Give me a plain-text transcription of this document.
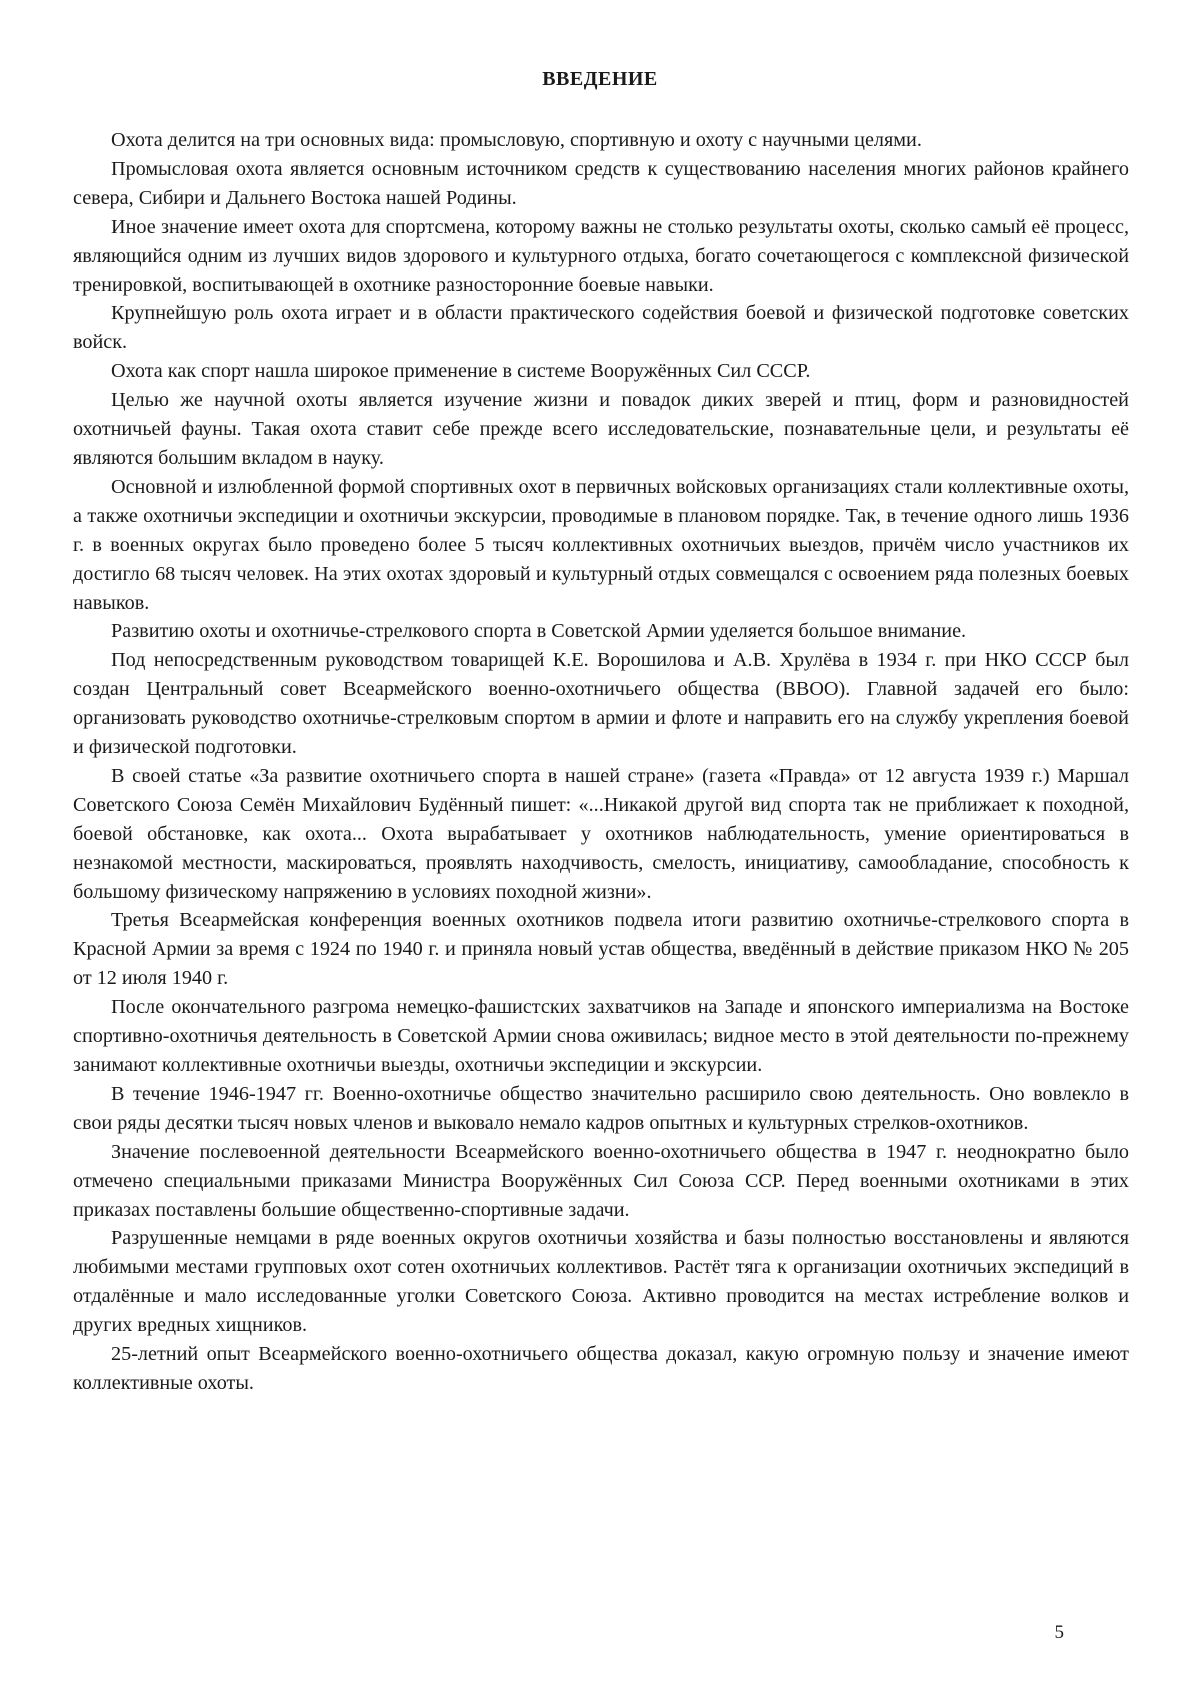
ВВЕДЕНИЕ

Охота делится на три основных вида: промысловую, спортивную и охоту с научными целями.

Промысловая охота является основным источником средств к существованию населения многих районов крайнего севера, Сибири и Дальнего Востока нашей Родины.

Иное значение имеет охота для спортсмена, которому важны не столько результаты охоты, сколько самый её процесс, являющийся одним из лучших видов здорового и культурного отдыха, богато сочетающегося с комплексной физической тренировкой, воспитывающей в охотнике разносторонние боевые навыки.

Крупнейшую роль охота играет и в области практического содействия боевой и физической подготовке советских войск.

Охота как спорт нашла широкое применение в системе Вооружённых Сил СССР.

Целью же научной охоты является изучение жизни и повадок диких зверей и птиц, форм и разновидностей охотничьей фауны. Такая охота ставит себе прежде всего исследовательские, познавательные цели, и результаты её являются большим вкладом в науку.

Основной и излюбленной формой спортивных охот в первичных войсковых организациях стали коллективные охоты, а также охотничьи экспедиции и охотничьи экскурсии, проводимые в плановом порядке. Так, в течение одного лишь 1936 г. в военных округах было проведено более 5 тысяч коллективных охотничьих выездов, причём число участников их достигло 68 тысяч человек. На этих охотах здоровый и культурный отдых совмещался с освоением ряда полезных боевых навыков.

Развитию охоты и охотничье-стрелкового спорта в Советской Армии уделяется большое внимание.

Под непосредственным руководством товарищей К.Е. Ворошилова и А.В. Хрулёва в 1934 г. при НКО СССР был создан Центральный совет Всеармейского военно-охотничьего общества (ВВОО). Главной задачей его было: организовать руководство охотничье-стрелковым спортом в армии и флоте и направить его на службу укрепления боевой и физической подготовки.

В своей статье «За развитие охотничьего спорта в нашей стране» (газета «Правда» от 12 августа 1939 г.) Маршал Советского Союза Семён Михайлович Будённый пишет: «...Никакой другой вид спорта так не приближает к походной, боевой обстановке, как охота... Охота вырабатывает у охотников наблюдательность, умение ориентироваться в незнакомой местности, маскироваться, проявлять находчивость, смелость, инициативу, самообладание, способность к большому физическому напряжению в условиях походной жизни».

Третья Всеармейская конференция военных охотников подвела итоги развитию охотничье-стрелкового спорта в Красной Армии за время с 1924 по 1940 г. и приняла новый устав общества, введённый в действие приказом НКО № 205 от 12 июля 1940 г.

После окончательного разгрома немецко-фашистских захватчиков на Западе и японского империализма на Востоке спортивно-охотничья деятельность в Советской Армии снова оживилась; видное место в этой деятельности по-прежнему занимают коллективные охотничьи выезды, охотничьи экспедиции и экскурсии.

В течение 1946-1947 гг. Военно-охотничье общество значительно расширило свою деятельность. Оно вовлекло в свои ряды десятки тысяч новых членов и выковало немало кадров опытных и культурных стрелков-охотников.

Значение послевоенной деятельности Всеармейского военно-охотничьего общества в 1947 г. неоднократно было отмечено специальными приказами Министра Вооружённых Сил Союза ССР. Перед военными охотниками в этих приказах поставлены большие общественно-спортивные задачи.

Разрушенные немцами в ряде военных округов охотничьи хозяйства и базы полностью восстановлены и являются любимыми местами групповых охот сотен охотничьих коллективов. Растёт тяга к организации охотничьих экспедиций в отдалённые и мало исследованные уголки Советского Союза. Активно проводится на местах истребление волков и других вредных хищников.

25-летний опыт Всеармейского военно-охотничьего общества доказал, какую огромную пользу и значение имеют коллективные охоты.

5
